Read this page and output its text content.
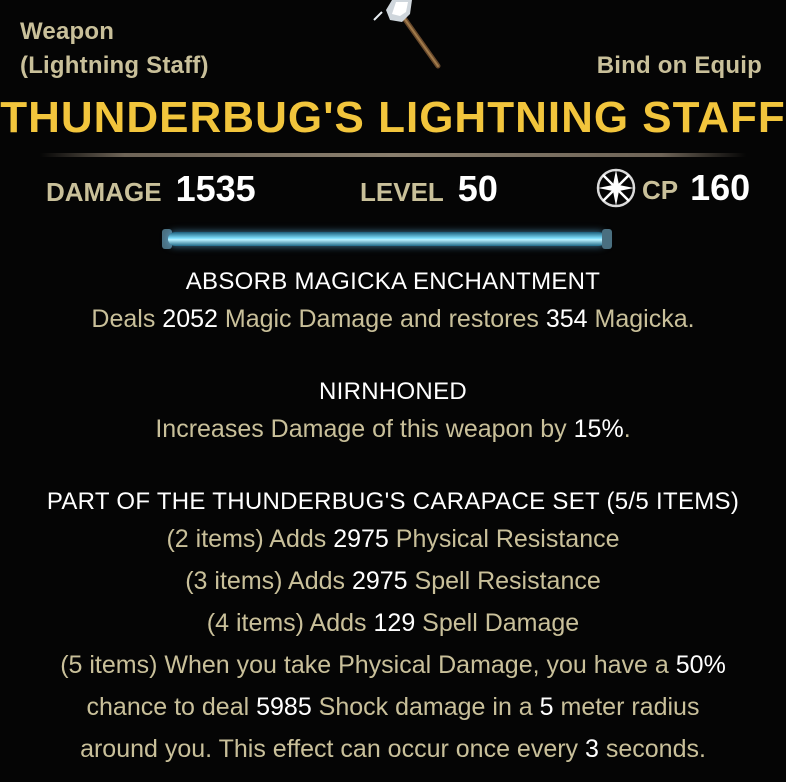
Weapon
(Lightning Staff)	Bind on Equip
THUNDERBUG'S LIGHTNING STAFF
DAMAGE 1535	LEVEL 50	CP 160
ABSORB MAGICKA ENCHANTMENT
Deals 2052 Magic Damage and restores 354 Magicka.
NIRNHONED
Increases Damage of this weapon by 15%.
PART OF THE THUNDERBUG'S CARAPACE SET (5/5 ITEMS)
(2 items) Adds 2975 Physical Resistance
(3 items) Adds 2975 Spell Resistance
(4 items) Adds 129 Spell Damage
(5 items) When you take Physical Damage, you have a 50%
chance to deal 5985 Shock damage in a 5 meter radius
around you. This effect can occur once every 3 seconds.
